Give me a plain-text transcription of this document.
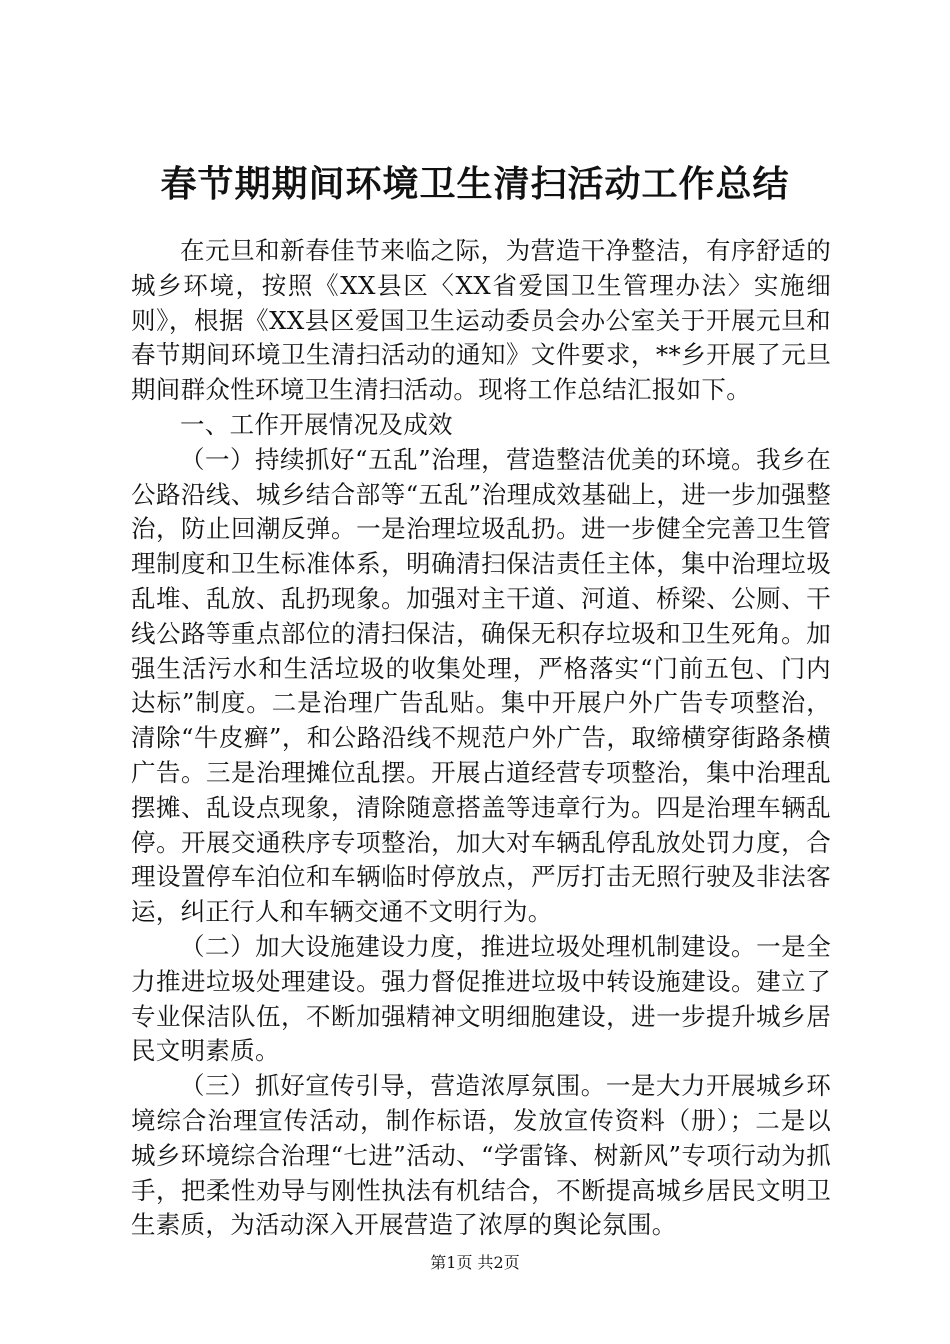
春节期期间环境卫生清扫活动工作总结

在元旦和新春佳节来临之际，为营造干净整洁，有序舒适的城乡环境，按照《XX县区〈XX省爱国卫生管理办法〉实施细则》，根据《XX县区爱国卫生运动委员会办公室关于开展元旦和春节期间环境卫生清扫活动的通知》文件要求，**乡开展了元旦期间群众性环境卫生清扫活动。现将工作总结汇报如下。

一、工作开展情况及成效

（一）持续抓好“五乱”治理，营造整洁优美的环境。我乡在公路沿线、城乡结合部等“五乱”治理成效基础上，进一步加强整治，防止回潮反弹。一是治理垃圾乱扔。进一步健全完善卫生管理制度和卫生标准体系，明确清扫保洁责任主体，集中治理垃圾乱堆、乱放、乱扔现象。加强对主干道、河道、桥梁、公厕、干线公路等重点部位的清扫保洁，确保无积存垃圾和卫生死角。加强生活污水和生活垃圾的收集处理，严格落实“门前五包、门内达标”制度。二是治理广告乱贴。集中开展户外广告专项整治，清除“牛皮癣”，和公路沿线不规范户外广告，取缔横穿街路条横广告。三是治理摊位乱摆。开展占道经营专项整治，集中治理乱摆摊、乱设点现象，清除随意搭盖等违章行为。四是治理车辆乱停。开展交通秩序专项整治，加大对车辆乱停乱放处罚力度，合理设置停车泊位和车辆临时停放点，严厉打击无照行驶及非法客运，纠正行人和车辆交通不文明行为。

（二）加大设施建设力度，推进垃圾处理机制建设。一是全力推进垃圾处理建设。强力督促推进垃圾中转设施建设。建立了专业保洁队伍，不断加强精神文明细胞建设，进一步提升城乡居民文明素质。

（三）抓好宣传引导，营造浓厚氛围。一是大力开展城乡环境综合治理宣传活动，制作标语，发放宣传资料（册）；二是以城乡环境综合治理“七进”活动、“学雷锋、树新风”专项行动为抓手，把柔性劝导与刚性执法有机结合，不断提高城乡居民文明卫生素质，为活动深入开展营造了浓厚的舆论氛围。

第1页 共2页
